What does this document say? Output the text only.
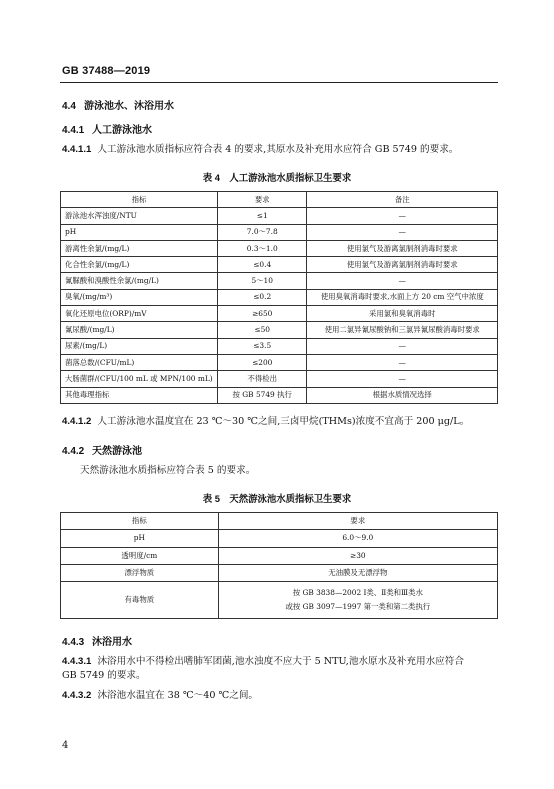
GB 37488—2019
4.4 游泳池水、沐浴用水
4.4.1 人工游泳池水
4.4.1.1 人工游泳池水质指标应符合表 4 的要求,其原水及补充用水应符合 GB 5749 的要求。
表 4　人工游泳池水质指标卫生要求
指标	要求	备注
游泳池水浑浊度/NTU	≤1	—
pH	7.0～7.8	—
游离性余氯/(mg/L)	0.3～1.0	使用氯气及游离氯制剂消毒时要求
化合性余氯/(mg/L)	≤0.4	使用氯气及游离氯制剂消毒时要求
氰脲酸和溴酸性余氯/(mg/L)	5～10	—
臭氧/(mg/m³)	≤0.2	使用臭氧消毒时要求,水面上方 20 cm 空气中浓度
氧化还原电位(ORP)/mV	≥650	采用氯和臭氧消毒时
氰尿酸/(mg/L)	≤50	使用二氯异氰尿酸钠和三氯异氰尿酸消毒时要求
尿素/(mg/L)	≤3.5	—
菌落总数/(CFU/mL)	≤200	—
大肠菌群/(CFU/100 mL 或 MPN/100 mL)	不得检出	—
其他毒理指标	按 GB 5749 执行	根据水质情况选择
4.4.1.2 人工游泳池水温度宜在 23 ℃～30 ℃之间,三卤甲烷(THMs)浓度不宜高于 200 μg/L。
4.4.2 天然游泳池
天然游泳池水质指标应符合表 5 的要求。
表 5　天然游泳池水质指标卫生要求
指标	要求
pH	6.0～9.0
透明度/cm	≥30
漂浮物质	无油膜及无漂浮物
有毒物质	按 GB 3838—2002 Ⅰ类、Ⅱ类和Ⅲ类水
或按 GB 3097—1997 第一类和第二类执行
4.4.3 沐浴用水
4.4.3.1 沐浴用水中不得检出嗜肺军团菌,池水浊度不应大于 5 NTU,池水原水及补充用水应符合
GB 5749 的要求。
4.4.3.2 沐浴池水温宜在 38 ℃～40 ℃之间。
4
